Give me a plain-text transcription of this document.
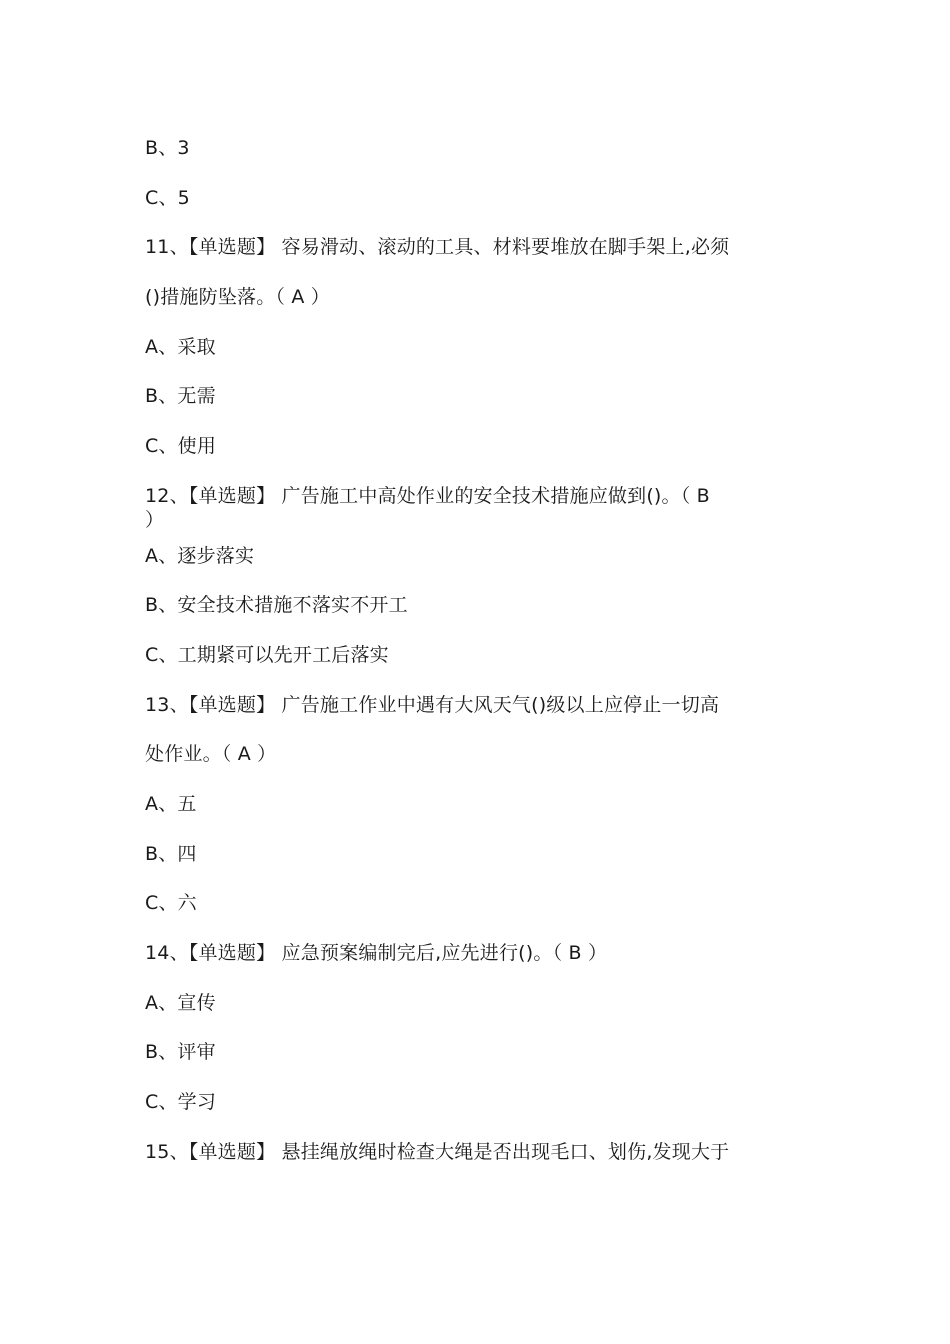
B、3
C、5
11、【单选题】 容易滑动、滚动的工具、材料要堆放在脚手架上,必须
()措施防坠落。（ A ）
A、采取
B、无需
C、使用
12、【单选题】 广告施工中高处作业的安全技术措施应做到()。（ B
）
A、逐步落实
B、安全技术措施不落实不开工
C、工期紧可以先开工后落实
13、【单选题】 广告施工作业中遇有大风天气()级以上应停止一切高
处作业。（ A ）
A、五
B、四
C、六
14、【单选题】 应急预案编制完后,应先进行()。（ B ）
A、宣传
B、评审
C、学习
15、【单选题】 悬挂绳放绳时检查大绳是否出现毛口、划伤,发现大于
